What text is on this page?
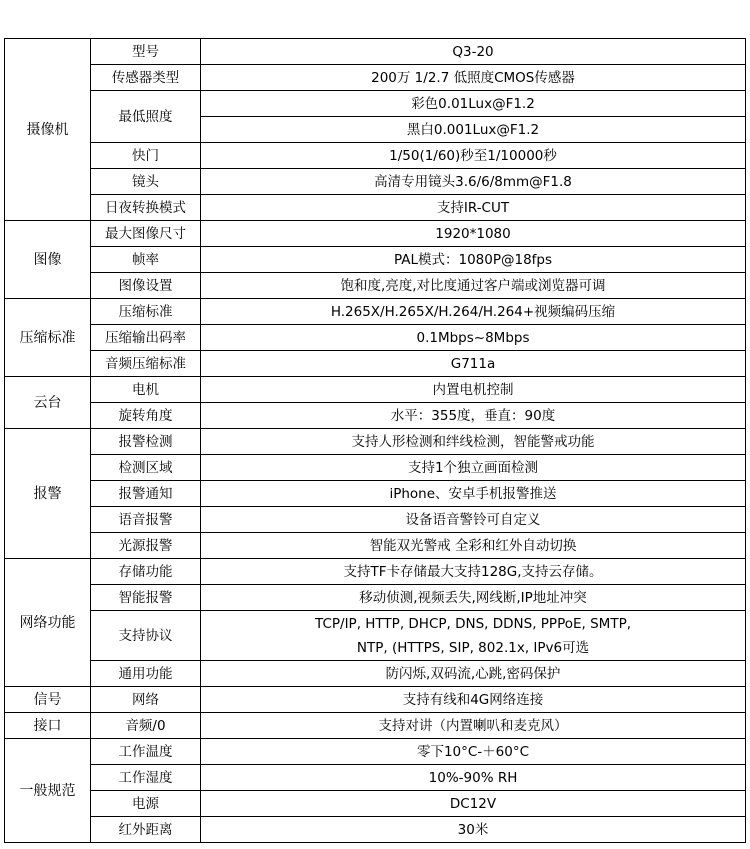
摄像机	型号	Q3-20
	传感器类型	200万 1/2.7 低照度CMOS传感器
	最低照度	彩色0.01Lux@F1.2
		黑白0.001Lux@F1.2
	快门	1/50(1/60)秒至1/10000秒
	镜头	高清专用镜头3.6/6/8mm@F1.8
	日夜转换模式	支持IR-CUT
图像	最大图像尺寸	1920*1080
	帧率	PAL模式：1080P@18fps
	图像设置	饱和度,亮度,对比度通过客户端或浏览器可调
压缩标准	压缩标准	H.265X/H.265X/H.264/H.264+视频编码压缩
	压缩输出码率	0.1Mbps~8Mbps
	音频压缩标准	G711a
云台	电机	内置电机控制
	旋转角度	水平：355度，垂直：90度
报警	报警检测	支持人形检测和绊线检测，智能警戒功能
	检测区域	支持1个独立画面检测
	报警通知	iPhone、安卓手机报警推送
	语音报警	设备语音警铃可自定义
	光源报警	智能双光警戒 全彩和红外自动切换
网络功能	存储功能	支持TF卡存储最大支持128G,支持云存储。
	智能报警	移动侦测,视频丢失,网线断,IP地址冲突
	支持协议	TCP/IP, HTTP, DHCP, DNS, DDNS, PPPoE, SMTP,
NTP, (HTTPS, SIP, 802.1x, IPv6可选

	通用功能	防闪烁,双码流,心跳,密码保护
信号	网络	支持有线和4G网络连接
接口	音频/0	支持对讲（内置喇叭和麦克风）
一般规范	工作温度	零下10°C-＋60°C
	工作湿度	10%-90% RH
	电源	DC12V
	红外距离	30米
